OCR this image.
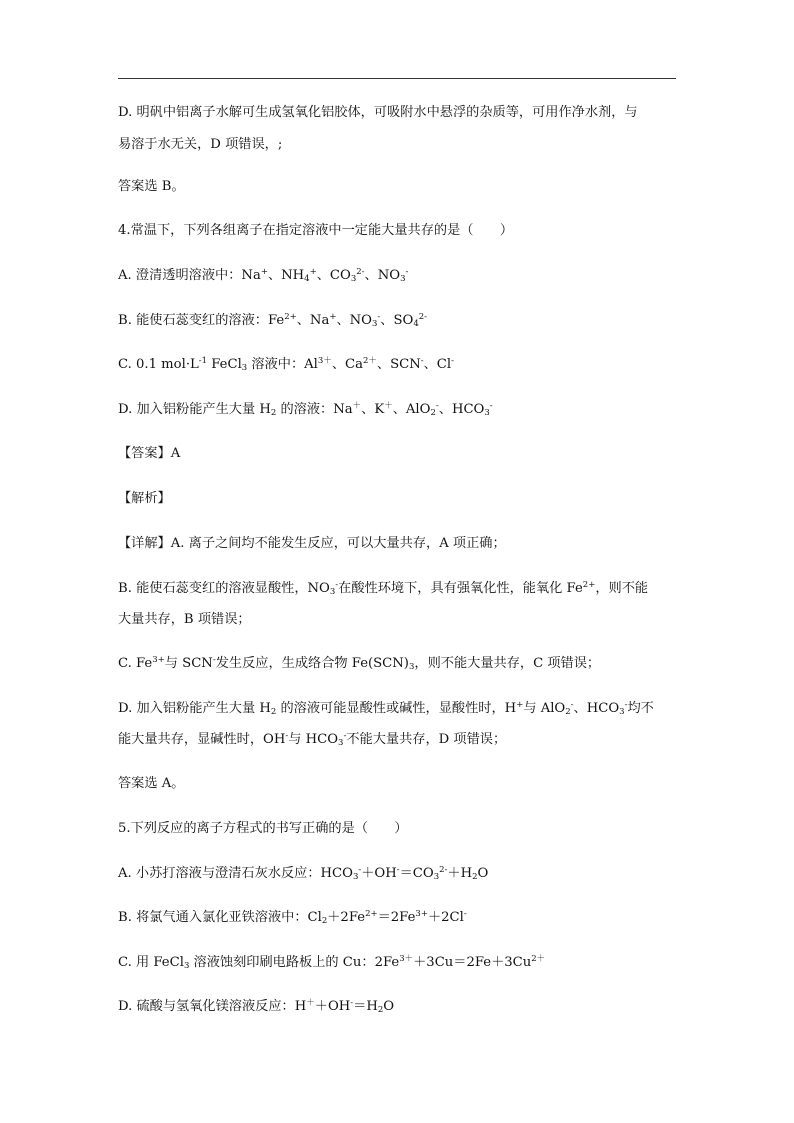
D. 明矾中铝离子水解可生成氢氧化铝胶体，可吸附水中悬浮的杂质等，可用作净水剂，与
易溶于水无关，D 项错误，;
答案选 B。
4.常温下，下列各组离子在指定溶液中一定能大量共存的是（　　）
A. 澄清透明溶液中：Na+、$NH_4^+$、$CO_3^{2-}$、$NO_3^-$
B. 能使石蕊变红的溶液：$Fe^{2+}$、Na+、$NO_3^-$、$SO_4^{2-}$
C. 0.1 $mol\cdot L^{-1}$ FeCl$_3$ 溶液中：$Al^{3+}$、$Ca^{2+}$、SCN-、Cl-
D. 加入铝粉能产生大量 $H_2$ 的溶液：Na＋、K＋、AlO$_2$-、$HCO_3^-$
【答案】A
【解析】
【详解】A. 离子之间均不能发生反应，可以大量共存，A 项正确；
B. 能使石蕊变红的溶液显酸性，$NO_3^-$在酸性环境下，具有强氧化性，能氧化 $Fe^{2+}$，则不能
大量共存，B 项错误；
C. $Fe^{3+}$与 SCN-发生反应，生成络合物 $Fe(SCN)_3$，则不能大量共存，C 项错误；
D. 加入铝粉能产生大量 $H_2$ 的溶液可能显酸性或碱性，显酸性时，H+与 AlO$_2$-、$HCO_3^-$均不
能大量共存，显碱性时，OH-与 $HCO_3^-$不能大量共存，D 项错误；
答案选 A。
5.下列反应的离子方程式的书写正确的是（　　）
A. 小苏打溶液与澄清石灰水反应：$HCO_3^-+OH^-=CO_3^{2-}+H_2O$
B. 将氯气通入氯化亚铁溶液中：$Cl_2+2Fe^{2+}=2Fe^{3+}+2Cl^-$
C. 用 FeCl$_3$ 溶液蚀刻印刷电路板上的 Cu：$2Fe^{3+}+3Cu=2Fe+3Cu^{2+}$
D. 硫酸与氢氧化镁溶液反应：$H^++OH^-=H_2O$
